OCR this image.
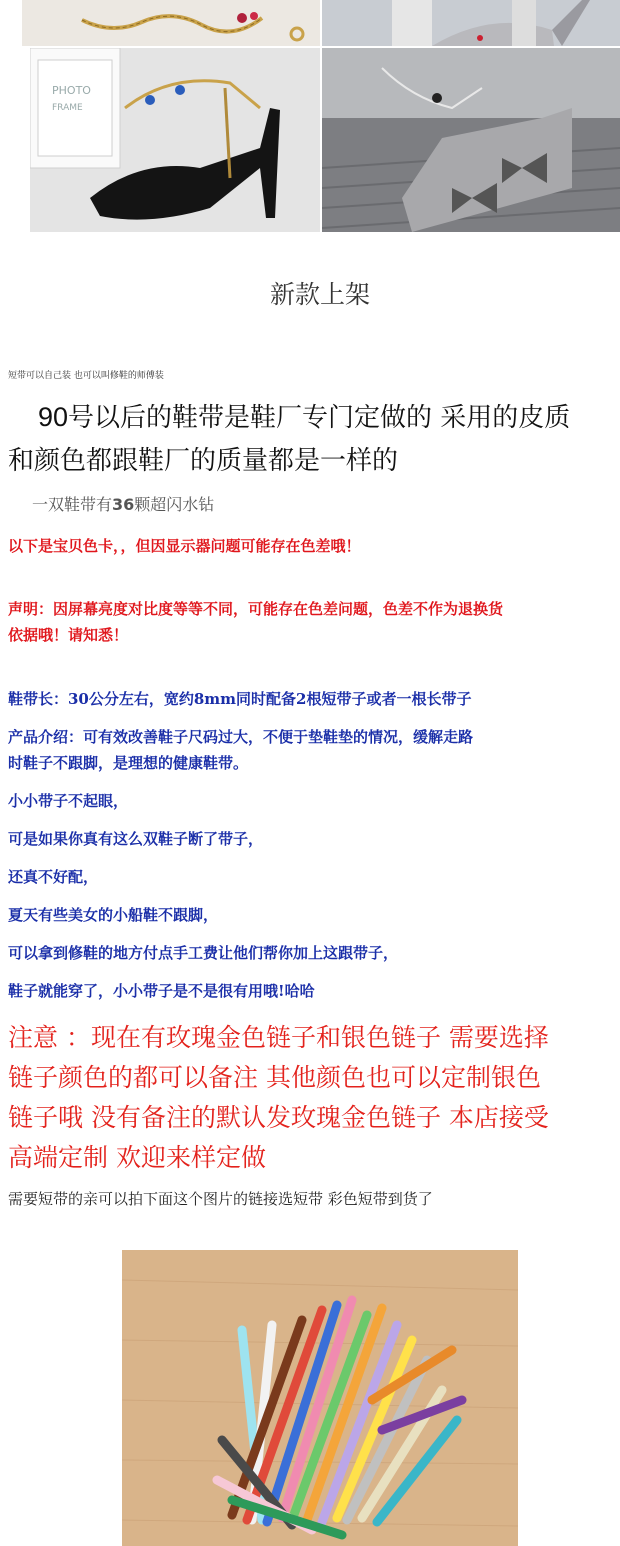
PHOTO
FRAME
新款上架
短带可以自己装 也可以叫修鞋的师傅装
90号以后的鞋带是鞋厂专门定做的 采用的皮质
和颜色都跟鞋厂的质量都是一样的
一双鞋带有36颗超闪水钻
以下是宝贝色卡，，但因显示器问题可能存在色差哦！
声明：因屏幕亮度对比度等等不同，可能存在色差问题，色差不作为退换货
依据哦！请知悉！
鞋带长：30公分左右，宽约8mm同时配备2根短带子或者一根长带子
产品介绍：可有效改善鞋子尺码过大，不便于垫鞋垫的情况，缓解走路
时鞋子不跟脚，是理想的健康鞋带。
小小带子不起眼，
可是如果你真有这么双鞋子断了带子，
还真不好配，
夏天有些美女的小船鞋不跟脚，
可以拿到修鞋的地方付点手工费让他们帮你加上这跟带子，
鞋子就能穿了，小小带子是不是很有用哦!哈哈
注意 ：现在有玫瑰金色链子和银色链子 需要选择
链子颜色的都可以备注 其他颜色也可以定制银色
链子哦 没有备注的默认发玫瑰金色链子 本店接受
高端定制 欢迎来样定做
需要短带的亲可以拍下面这个图片的链接选短带 彩色短带到货了
